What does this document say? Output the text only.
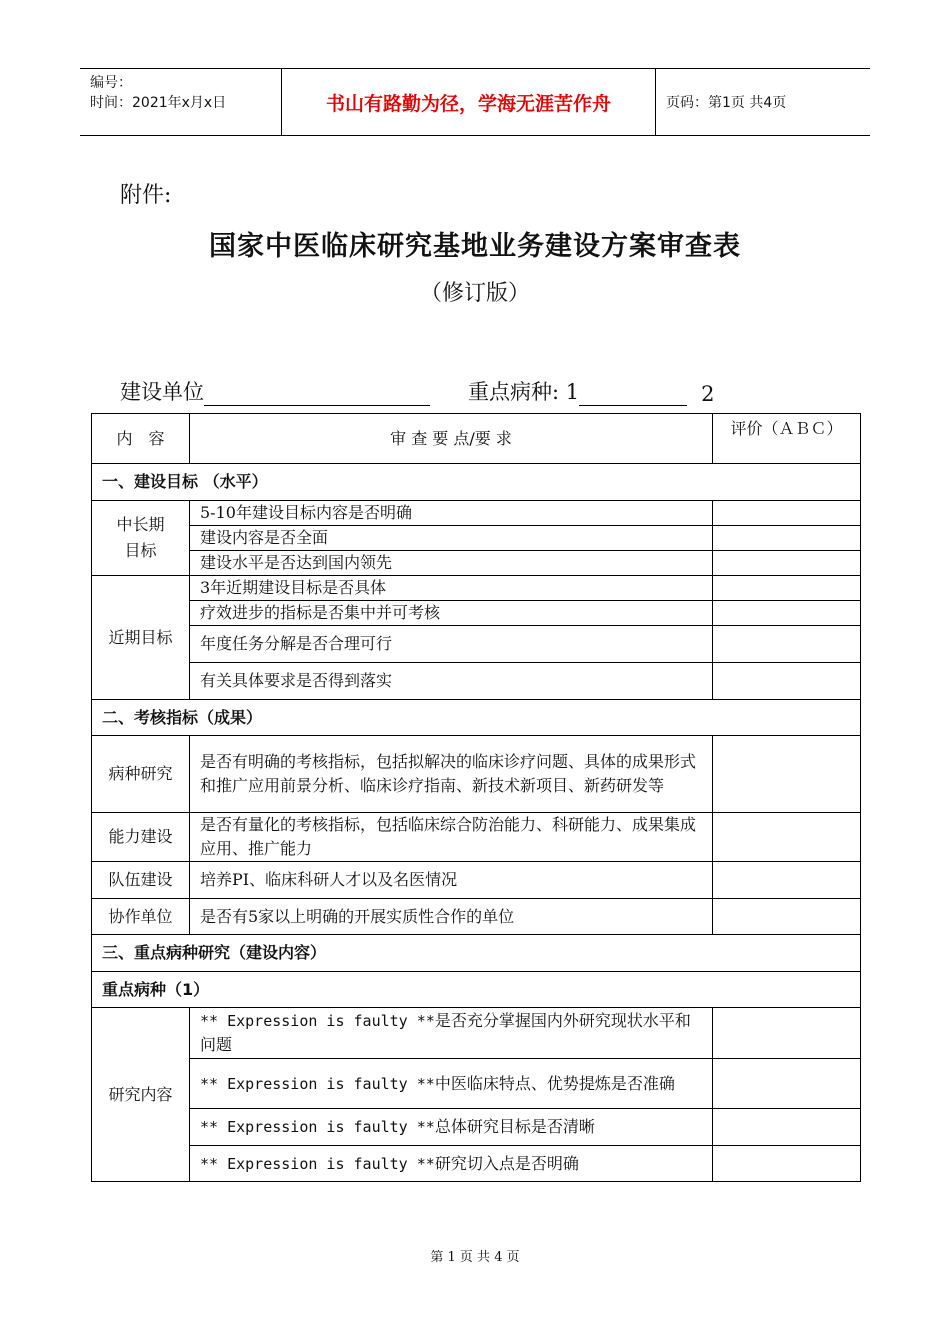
编号：
时间：2021年x月x日	书山有路勤为径，学海无涯苦作舟	页码：第1页 共4页
附件:
国家中医临床研究基地业务建设方案审查表
（修订版）
建设单位	重点病种: 1	2
内　容	审 查 要 点/要 求	评价（ＡＢＣ）
一、建设目标 （水平）		

中长期目标	5-10年建设目标内容是否明确	
	建设内容是否全面	
	建设水平是否达到国内领先	
近期目标	3年近期建设目标是否具体	
	疗效进步的指标是否集中并可考核	
	年度任务分解是否合理可行	
	有关具体要求是否得到落实	
二、考核指标（成果）		
病种研究	是否有明确的考核指标，包括拟解决的临床诊疗问题、具体的成果形式和推广应用前景分析、临床诊疗指南、新技术新项目、新药研发等	
能力建设	是否有量化的考核指标，包括临床综合防治能力、科研能力、成果集成应用、推广能力	
队伍建设	培养PI、临床科研人才以及名医情况	
协作单位	是否有5家以上明确的开展实质性合作的单位	
三、重点病种研究（建设内容）		
重点病种（1）		
研究内容	** Expression is faulty **是否充分掌握国内外研究现状水平和问题	
	** Expression is faulty **中医临床特点、优势提炼是否准确	
	** Expression is faulty **总体研究目标是否清晰	
	** Expression is faulty **研究切入点是否明确	
第 1 页 共 4 页
